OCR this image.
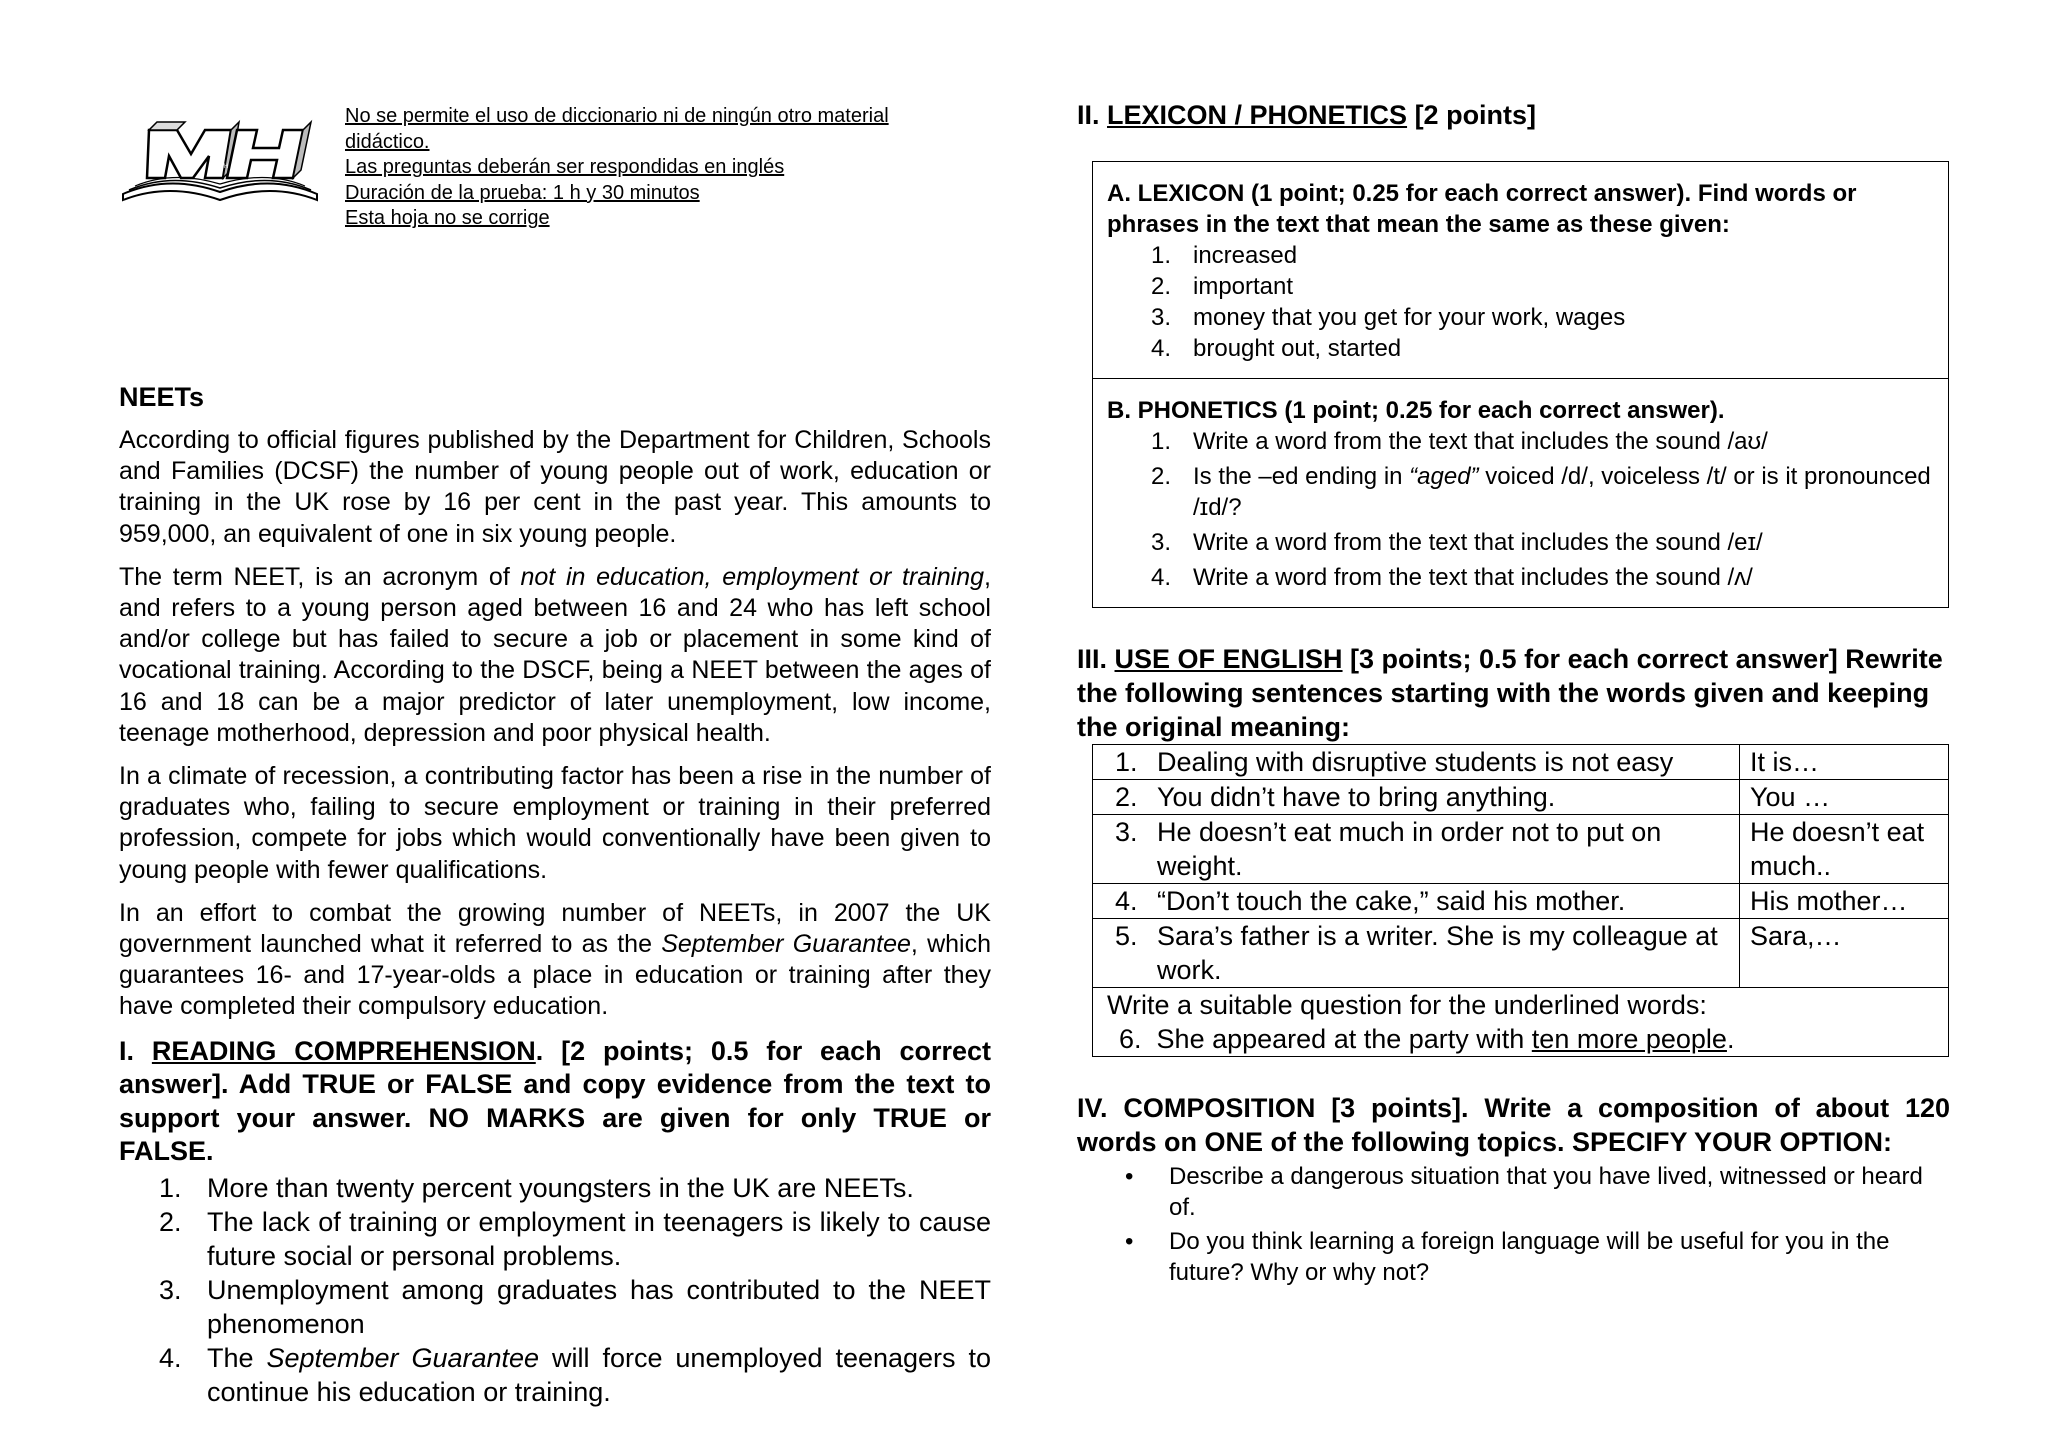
MH
No se permite el uso de diccionario ni de ningún otro material
didáctico.
Las preguntas deberán ser respondidas en inglés
Duración de la prueba: 1 h y 30 minutos
Esta hoja no se corrige
NEETs

According to official figures published by the Department for Children, Schools and Families (DCSF) the number of young people out of work, education or training in the UK rose by 16 per cent in the past year. This amounts to 959,000, an equivalent of one in six young people.

The term NEET, is an acronym of not in education, employment or training, and refers to a young person aged between 16 and 24 who has left school and/or college but has failed to secure a job or placement in some kind of vocational training. According to the DSCF, being a NEET between the ages of 16 and 18 can be a major predictor of later unemployment, low income, teenage motherhood, depression and poor physical health.

In a climate of recession, a contributing factor has been a rise in the number of graduates who, failing to secure employment or training in their preferred profession, compete for jobs which would conventionally have been given to young people with fewer qualifications.

In an effort to combat the growing number of NEETs, in 2007 the UK government launched what it referred to as the September Guarantee, which guarantees 16- and 17-year-olds a place in education or training after they have completed their compulsory education.

I. READING COMPREHENSION. [2 points; 0.5 for each correct answer]. Add TRUE or FALSE and copy evidence from the text to support your answer. NO MARKS are given for only TRUE or FALSE.
1. More than twenty percent youngsters in the UK are NEETs.
2. The lack of training or employment in teenagers is likely to cause future social or personal problems.
3. Unemployment among graduates has contributed to the NEET phenomenon
4. The September Guarantee will force unemployed teenagers to continue his education or training.
II. LEXICON / PHONETICS [2 points]
A. LEXICON (1 point; 0.25 for each correct answer). Find words or phrases in the text that mean the same as these given:
1. increased
2. important
3. money that you get for your work, wages
4. brought out, started
B. PHONETICS (1 point; 0.25 for each correct answer).
1. Write a word from the text that includes the sound /aʊ/
2. Is the –ed ending in “aged” voiced /d/, voiceless /t/ or is it pronounced /ɪd/?
3. Write a word from the text that includes the sound /eɪ/
4. Write a word from the text that includes the sound /ʌ/
III. USE OF ENGLISH [3 points; 0.5 for each correct answer] Rewrite the following sentences starting with the words given and keeping the original meaning:
1. Dealing with disruptive students is not easy	It is…

2. You didn’t have to bring anything.	You …

3. He doesn’t eat much in order not to put on weight.	He doesn’t eat much..

4. “Don’t touch the cake,” said his mother.	His mother…

5. Sara’s father is a writer. She is my colleague at work.	Sara,…

Write a suitable question for the underlined words:
6. She appeared at the party with ten more people.	
IV. COMPOSITION [3 points]. Write a composition of about 120 words on ONE of the following topics. SPECIFY YOUR OPTION:
• Describe a dangerous situation that you have lived, witnessed or heard of.
• Do you think learning a foreign language will be useful for you in the future? Why or why not?
